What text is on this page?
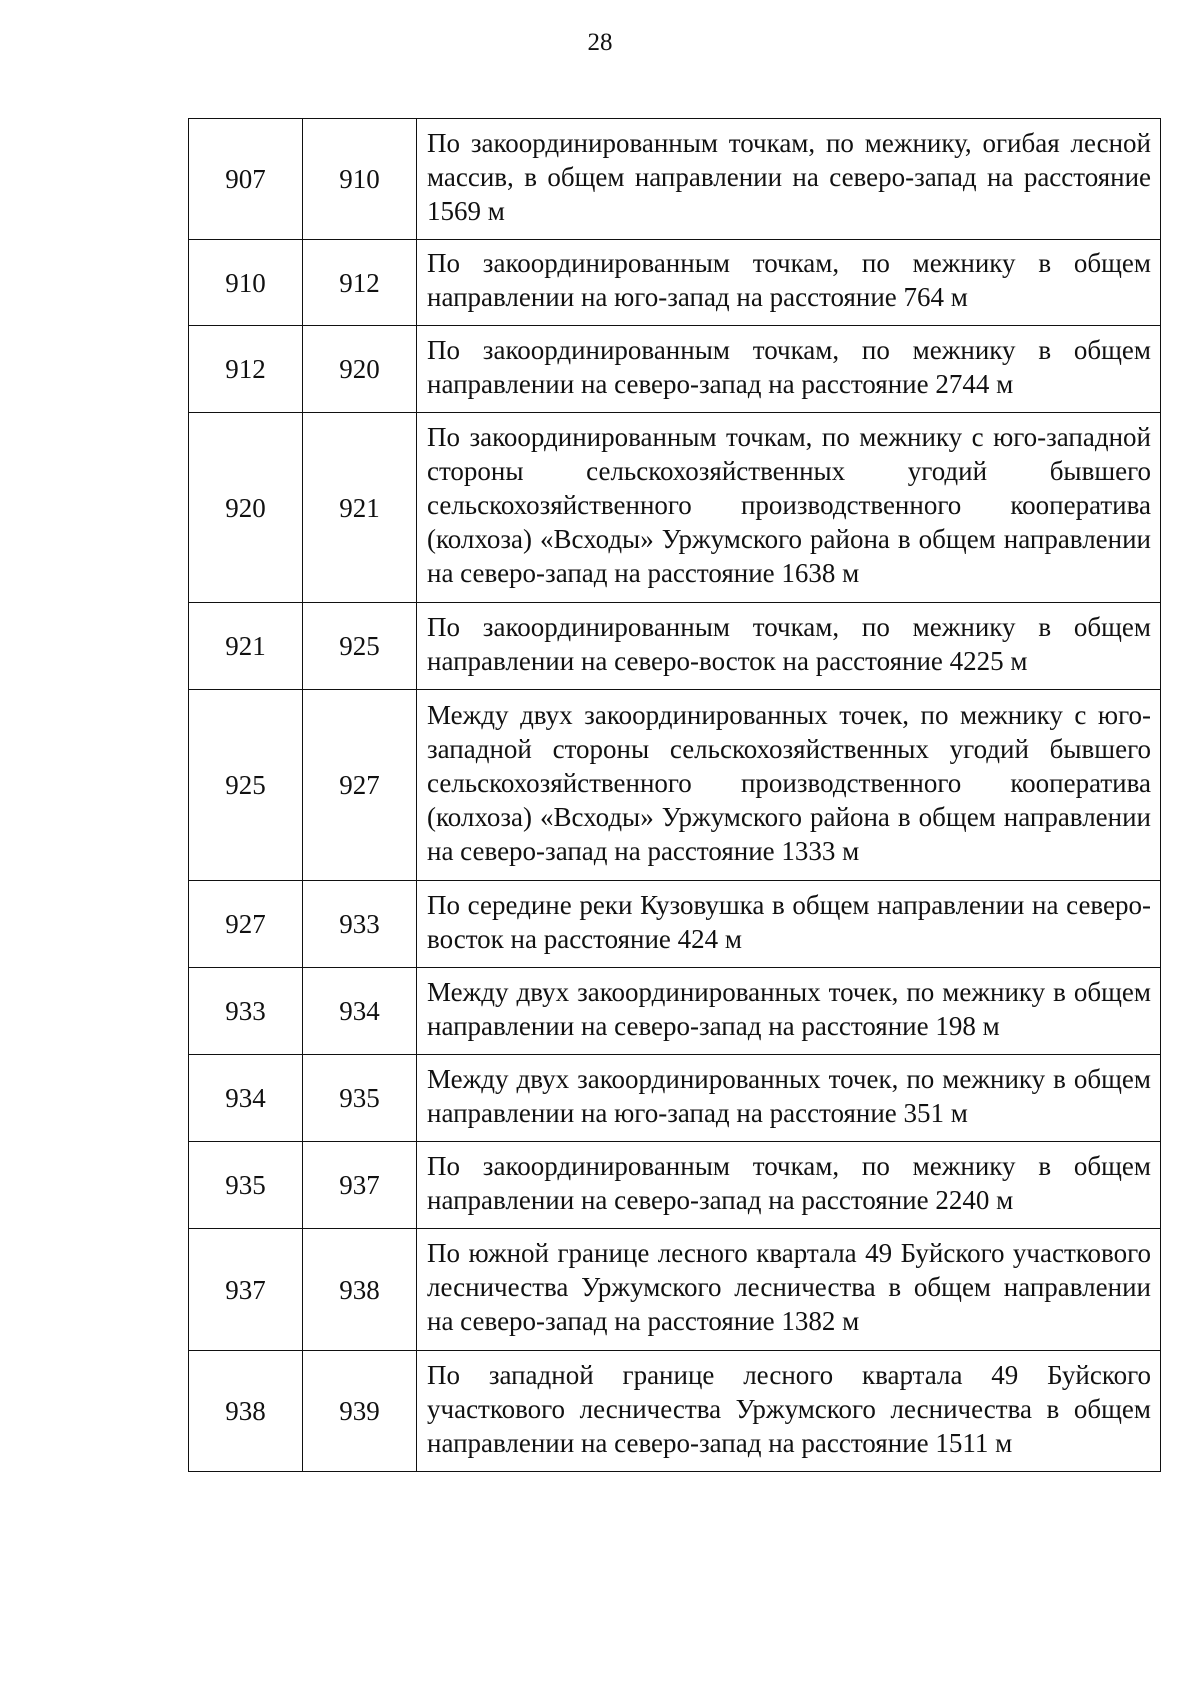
28
907	910	По закоординированным точкам, по межнику, огибая лесной массив, в общем направлении на северо-запад на расстояние 1569 м
910	912	По закоординированным точкам, по межнику в общем направлении на юго-запад на расстояние 764 м
912	920	По закоординированным точкам, по межнику в общем направлении на северо-запад на расстояние 2744 м
920	921	По закоординированным точкам, по межнику с юго-западной стороны сельскохозяйственных угодий бывшего сельскохозяйственного производственного кооператива (колхоза) «Всходы» Уржумского района в общем направлении на северо-запад на расстояние 1638 м
921	925	По закоординированным точкам, по межнику в общем направлении на северо-восток на расстояние 4225 м
925	927	Между двух закоординированных точек, по межнику с юго-западной стороны сельскохозяйственных угодий бывшего сельскохозяйственного производственного кооператива (колхоза) «Всходы» Уржумского района в общем направлении на северо-запад на расстояние 1333 м
927	933	По середине реки Кузовушка в общем направлении на северо-восток на расстояние 424 м
933	934	Между двух закоординированных точек, по межнику в общем направлении на северо-запад на расстояние 198 м
934	935	Между двух закоординированных точек, по межнику в общем направлении на юго-запад на расстояние 351 м
935	937	По закоординированным точкам, по межнику в общем направлении на северо-запад на расстояние 2240 м
937	938	По южной границе лесного квартала 49 Буйского участкового лесничества Уржумского лесничества в общем направлении на северо-запад на расстояние 1382 м
938	939	По западной границе лесного квартала 49 Буйского участкового лесничества Уржумского лесничества в общем направлении на северо-запад на расстояние 1511 м
